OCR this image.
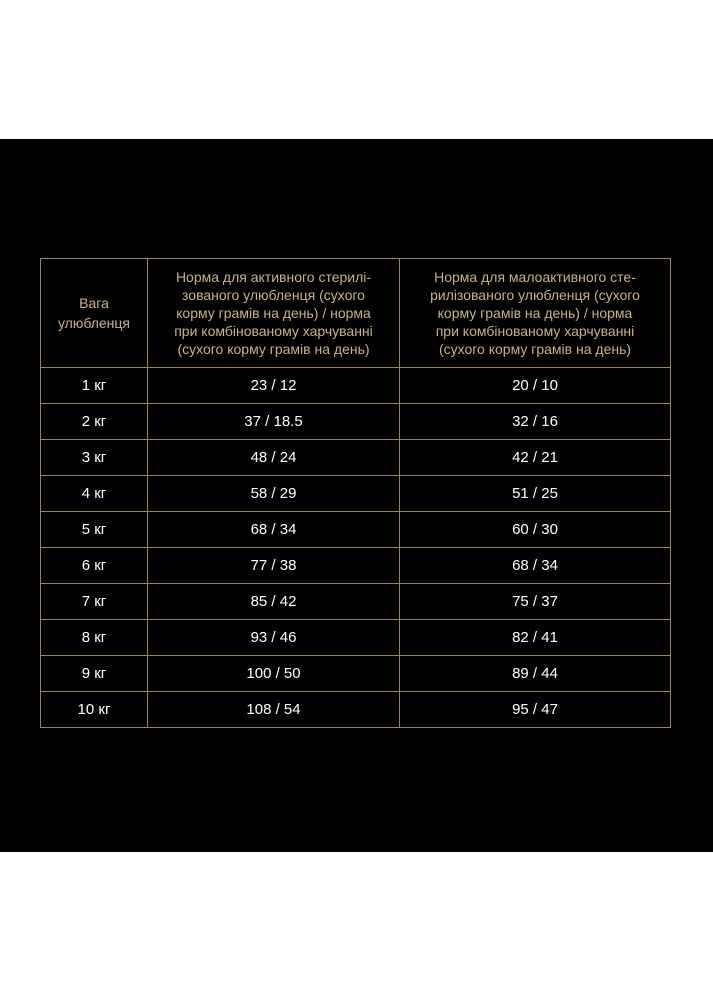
Вага
улюбленця	Норма для активного стерилі-
зованого улюбленця (сухого
корму грамів на день) / норма
при комбінованому харчуванні
(сухого корму грамів на день)	Норма для малоактивного сте-
рилізованого улюбленця (сухого
корму грамів на день) / норма
при комбінованому харчуванні
(сухого корму грамів на день)

1 кг	23 / 12	20 / 10
2 кг	37 / 18.5	32 / 16
3 кг	48 / 24	42 / 21
4 кг	58 / 29	51 / 25
5 кг	68 / 34	60 / 30
6 кг	77 / 38	68 / 34
7 кг	85 / 42	75 / 37
8 кг	93 / 46	82 / 41
9 кг	100 / 50	89 / 44
10 кг	108 / 54	95 / 47
